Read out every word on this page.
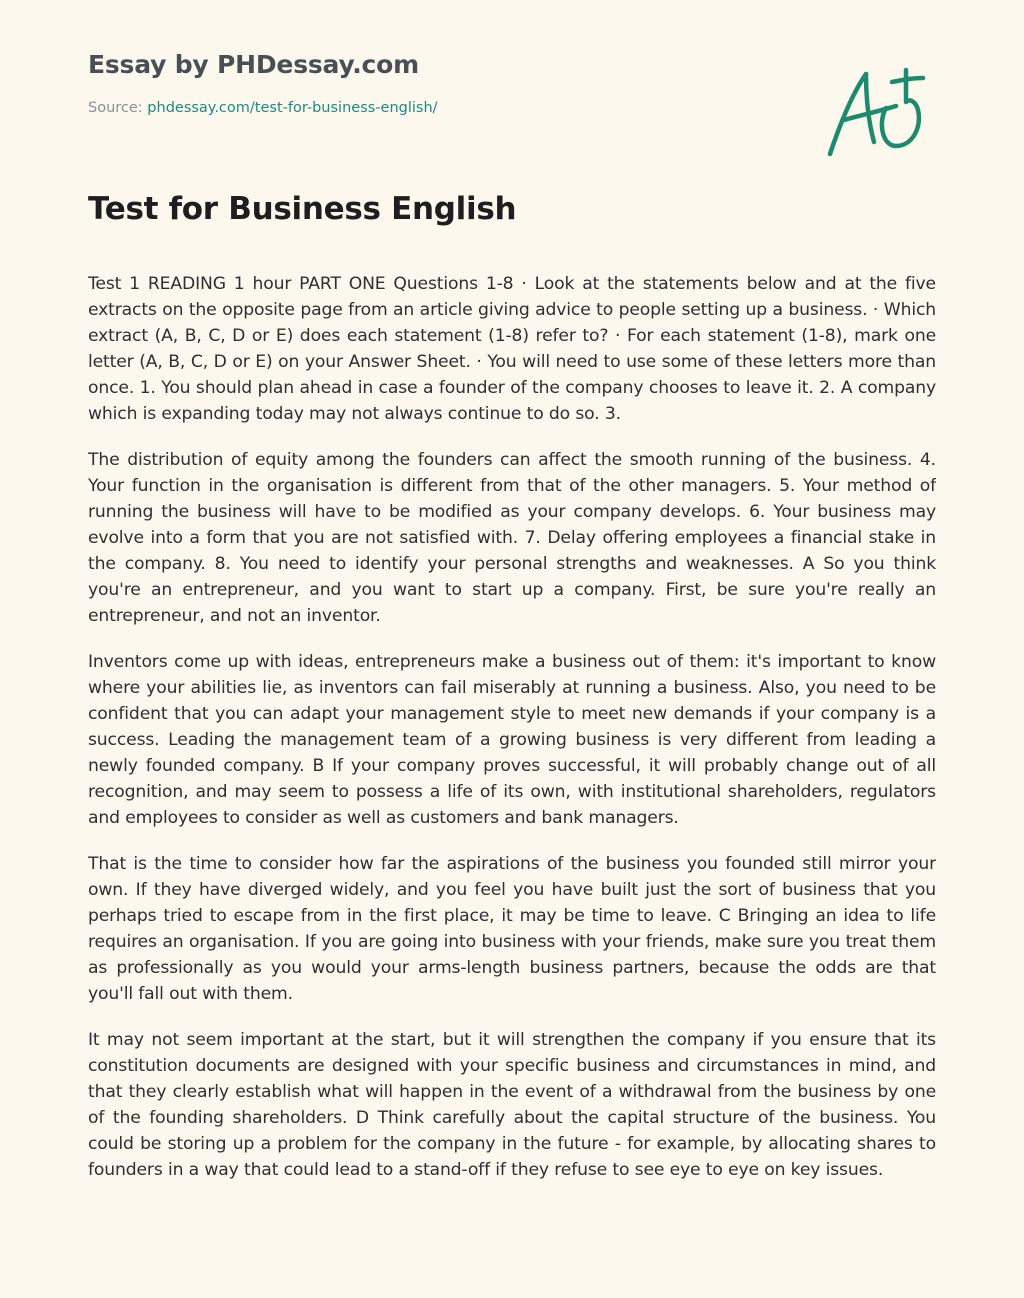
Essay by PHDessay.com
Source: phdessay.com/test-for-business-english/
Test for Business English

Test 1 READING 1 hour PART ONE Questions 1-8 · Look at the statements below and at the five extracts on the opposite page from an article giving advice to people setting up a business. · Which extract (A, B, C, D or E) does each statement (1-8) refer to? · For each statement (1-8), mark one letter (A, B, C, D or E) on your Answer Sheet. · You will need to use some of these letters more than once. 1. You should plan ahead in case a founder of the company chooses to leave it. 2. A company which is expanding today may not always continue to do so. 3.

The distribution of equity among the founders can affect the smooth running of the business. 4. Your function in the organisation is different from that of the other managers. 5. Your method of running the business will have to be modified as your company develops. 6. Your business may evolve into a form that you are not satisfied with. 7. Delay offering employees a financial stake in the company. 8. You need to identify your personal strengths and weaknesses. A So you think you're an entrepreneur, and you want to start up a company. First, be sure you're really an entrepreneur, and not an inventor.

Inventors come up with ideas, entrepreneurs make a business out of them: it's important to know where your abilities lie, as inventors can fail miserably at running a business. Also, you need to be confident that you can adapt your management style to meet new demands if your company is a success. Leading the management team of a growing business is very different from leading a newly founded company. B If your company proves successful, it will probably change out of all recognition, and may seem to possess a life of its own, with institutional shareholders, regulators and employees to consider as well as customers and bank managers.

That is the time to consider how far the aspirations of the business you founded still mirror your own. If they have diverged widely, and you feel you have built just the sort of business that you perhaps tried to escape from in the first place, it may be time to leave. C Bringing an idea to life requires an organisation. If you are going into business with your friends, make sure you treat them as professionally as you would your arms-length business partners, because the odds are that you'll fall out with them.

It may not seem important at the start, but it will strengthen the company if you ensure that its constitution documents are designed with your specific business and circumstances in mind, and that they clearly establish what will happen in the event of a withdrawal from the business by one of the founding shareholders. D Think carefully about the capital structure of the business. You could be storing up a problem for the company in the future - for example, by allocating shares to founders in a way that could lead to a stand-off if they refuse to see eye to eye on key issues.
